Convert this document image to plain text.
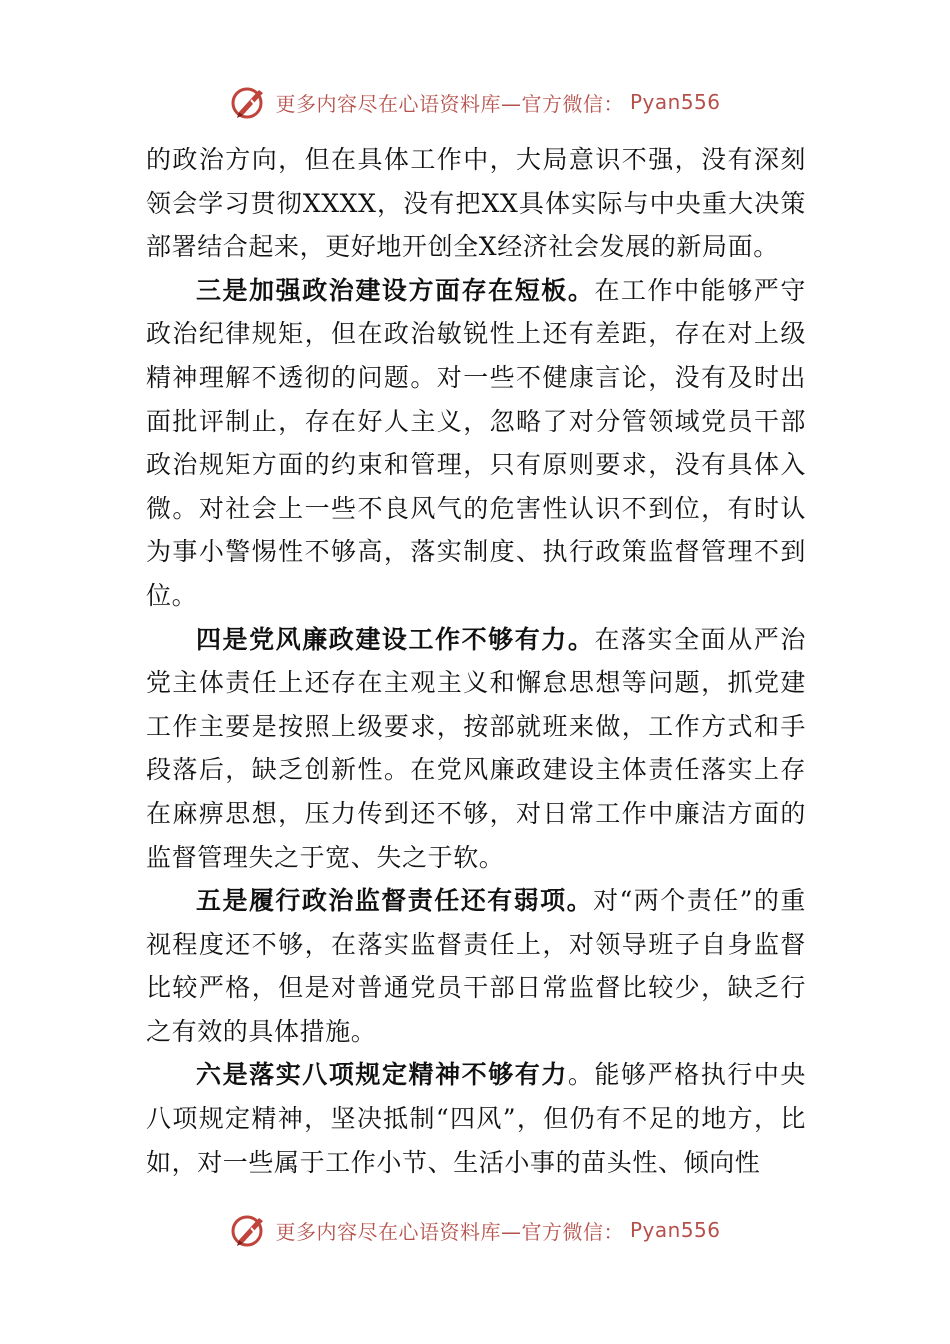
更多内容尽在心语资料库—官方微信： Pyan556

的政治方向，但在具体工作中，大局意识不强，没有深刻领会学习贯彻XXXX，没有把XX具体实际与中央重大决策部署结合起来，更好地开创全X经济社会发展的新局面。

三是加强政治建设方面存在短板。在工作中能够严守政治纪律规矩，但在政治敏锐性上还有差距，存在对上级精神理解不透彻的问题。对一些不健康言论，没有及时出面批评制止，存在好人主义，忽略了对分管领域党员干部政治规矩方面的约束和管理，只有原则要求，没有具体入微。对社会上一些不良风气的危害性认识不到位，有时认为事小警惕性不够高，落实制度、执行政策监督管理不到位。

四是党风廉政建设工作不够有力。在落实全面从严治党主体责任上还存在主观主义和懈怠思想等问题，抓党建工作主要是按照上级要求，按部就班来做，工作方式和手段落后，缺乏创新性。在党风廉政建设主体责任落实上存在麻痹思想，压力传到还不够，对日常工作中廉洁方面的监督管理失之于宽、失之于软。

五是履行政治监督责任还有弱项。对“两个责任”的重视程度还不够，在落实监督责任上，对领导班子自身监督比较严格，但是对普通党员干部日常监督比较少，缺乏行之有效的具体措施。

六是落实八项规定精神不够有力。能够严格执行中央八项规定精神，坚决抵制“四风”，但仍有不足的地方，比如，对一些属于工作小节、生活小事的苗头性、倾向性

更多内容尽在心语资料库—官方微信： Pyan556
